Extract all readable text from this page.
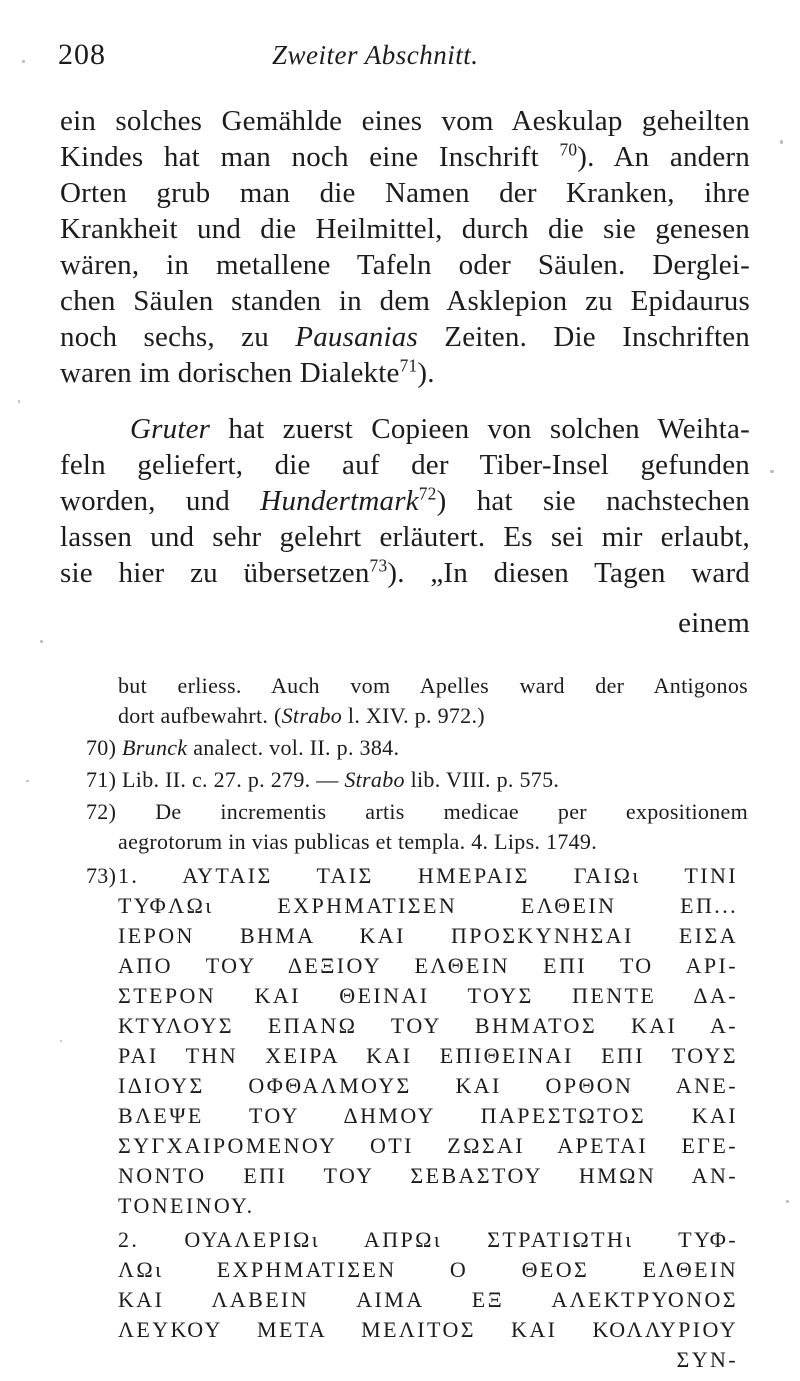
208	Zweiter Abschnitt.
ein solches Gemählde eines vom Aeskulap geheilten
Kindes hat man noch eine Inschrift $^{70}$). An andern
Orten grub man die Namen der Kranken, ihre
Krankheit und die Heilmittel, durch die sie genesen
wären, in metallene Tafeln oder Säulen. Derglei-
chen Säulen standen in dem Asklepion zu Epidaurus
noch sechs, zu Pausanias Zeiten. Die Inschriften
waren im dorischen Dialekte$^{71}$).
Gruter hat zuerst Copieen von solchen Weihta-
feln geliefert, die auf der Tiber-Insel gefunden
worden, und Hundertmark$^{72}$) hat sie nachstechen
lassen und sehr gelehrt erläutert. Es sei mir erlaubt,
sie hier zu übersetzen$^{73}$). „In diesen Tagen ward
einem
but erliess. Auch vom Apelles ward der Antigonos
dort aufbewahrt. (Strabo l. XIV. p. 972.)
70) Brunck analect. vol. II. p. 384.
71) Lib. II. c. 27. p. 279. — Strabo lib. VIII. p. 575.
72) De incrementis artis medicae per expositionem
aegrotorum in vias publicas et templa. 4. Lips. 1749.
73) 1. ΑΥΤΑΙΣ ΤΑΙΣ ΗΜΕΡΑΙΣ ΓΑΙΩι ΤΙΝΙ
ΤΥΦΛΩι ΕΧΡΗΜΑΤΙΣΕΝ ΕΛΘΕΙΝ ΕΠ...
ΙΕΡΟΝ ΒΗΜΑ ΚΑΙ ΠΡΟΣΚΥΝΗΣΑΙ ΕΙΣΑ
ΑΠΟ ΤΟΥ ΔΕΞΙΟΥ ΕΛΘΕΙΝ ΕΠΙ ΤΟ ΑΡΙ-
ΣΤΕΡΟΝ ΚΑΙ ΘΕΙΝΑΙ ΤΟΥΣ ΠΕΝΤΕ ΔΑ-
ΚΤΥΛΟΥΣ ΕΠΑΝΩ ΤΟΥ ΒΗΜΑΤΟΣ ΚΑΙ Α-
ΡΑΙ ΤΗΝ ΧΕΙΡΑ ΚΑΙ ΕΠΙΘΕΙΝΑΙ ΕΠΙ ΤΟΥΣ
ΙΔΙΟΥΣ ΟΦΘΑΛΜΟΥΣ ΚΑΙ ΟΡΘΟΝ ΑΝΕ-
ΒΛΕΨΕ ΤΟΥ ΔΗΜΟΥ ΠΑΡΕΣΤΩΤΟΣ ΚΑΙ
ΣΥΓΧΑΙΡΟΜΕΝΟΥ ΟΤΙ ΖΩΣΑΙ ΑΡΕΤΑΙ ΕΓΕ-
ΝΟΝΤΟ ΕΠΙ ΤΟΥ ΣΕΒΑΣΤΟΥ ΗΜΩΝ ΑΝ-
ΤΟΝΕΙΝΟΥ.
2. ΟΥΑΛΕΡΙΩι ΑΠΡΩι ΣΤΡΑΤΙΩΤΗι ΤΥΦ-
ΛΩι ΕΧΡΗΜΑΤΙΣΕΝ Ο ΘΕΟΣ ΕΛΘΕΙΝ
ΚΑΙ ΛΑΒΕΙΝ ΑΙΜΑ ΕΞ ΑΛΕΚΤΡΥΟΝΟΣ
ΛΕΥΚΟΥ ΜΕΤΑ ΜΕΛΙΤΟΣ ΚΑΙ ΚΟΛΛΥΡΙΟΥ
ΣΥΝ-
